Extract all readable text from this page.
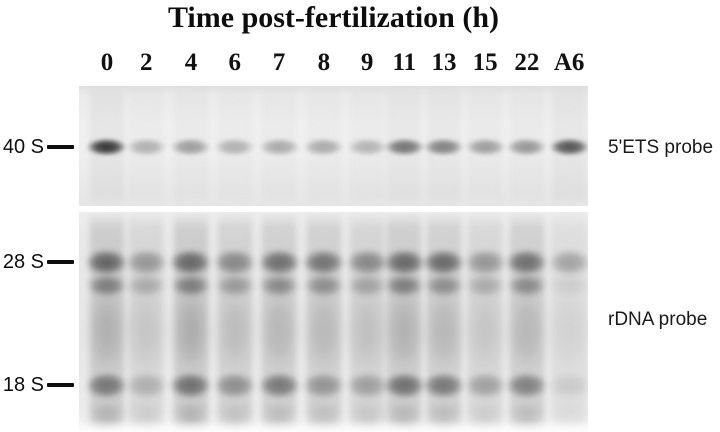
Time post-fertilization (h)
0 2 4 6 7 8 9 11 13 15 22 A6
5'ETS probe
rDNA probe
40 S
28 S
18 S
